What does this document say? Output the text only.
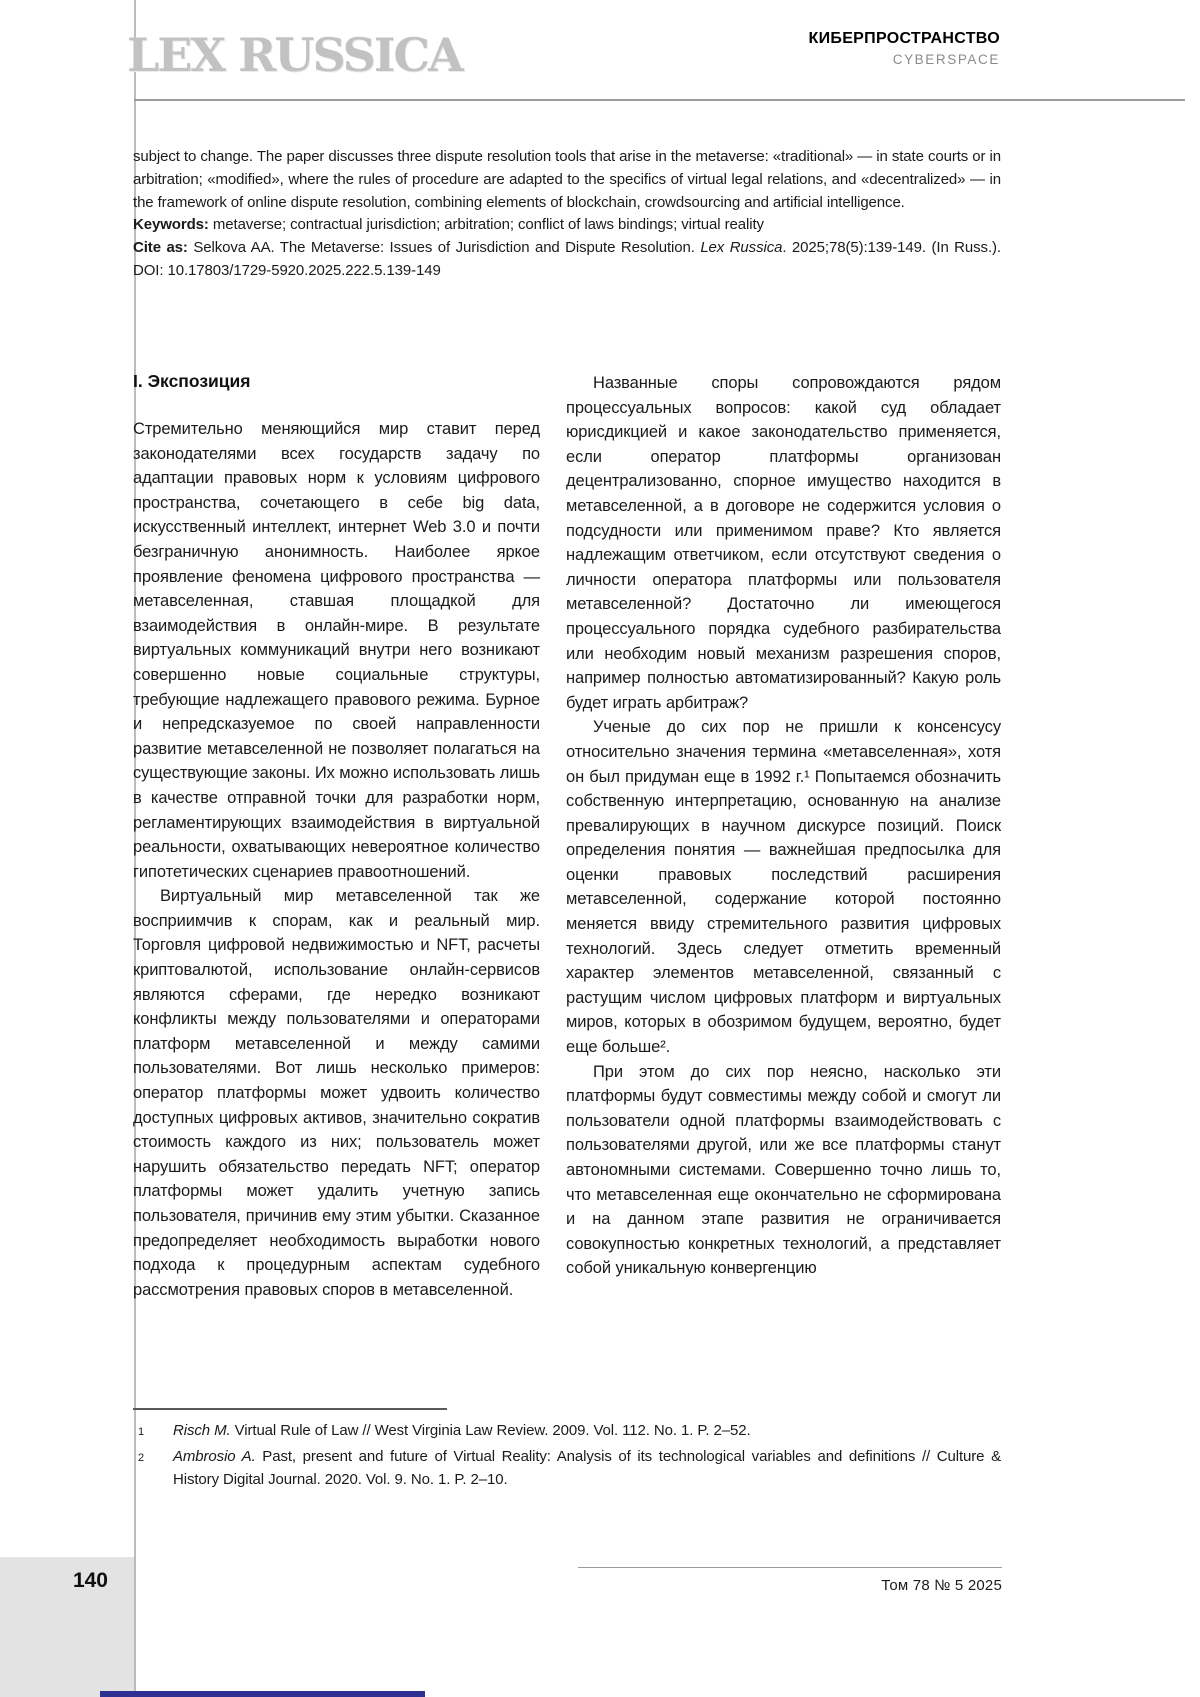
LEX RUSSICA	КИБЕРПРОСТРАНСТВО
CYBERSPACE

subject to change. The paper discusses three dispute resolution tools that arise in the metaverse: «traditional» — in state courts or in arbitration; «modified», where the rules of procedure are adapted to the specifics of virtual legal relations, and «decentralized» — in the framework of online dispute resolution, combining elements of blockchain, crowdsourcing and artificial intelligence.

Keywords: metaverse; contractual jurisdiction; arbitration; conflict of laws bindings; virtual reality

Cite as: Selkova AA. The Metaverse: Issues of Jurisdiction and Dispute Resolution. Lex Russica. 2025;78(5):139-149. (In Russ.). DOI: 10.17803/1729-5920.2025.222.5.139-149

I. Экспозиция

Стремительно меняющийся мир ставит перед законодателями всех государств задачу по адаптации правовых норм к условиям цифрового пространства, сочетающего в себе big data, искусственный интеллект, интернет Web 3.0 и почти безграничную анонимность. Наиболее яркое проявление феномена цифрового пространства — метавселенная, ставшая площадкой для взаимодействия в онлайн-мире. В результате виртуальных коммуникаций внутри него возникают совершенно новые социальные структуры, требующие надлежащего правового режима. Бурное и непредсказуемое по своей направленности развитие метавселенной не позволяет полагаться на существующие законы. Их можно использовать лишь в качестве отправной точки для разработки норм, регламентирующих взаимодействия в виртуальной реальности, охватывающих невероятное количество гипотетических сценариев правоотношений.

Виртуальный мир метавселенной так же восприимчив к спорам, как и реальный мир. Торговля цифровой недвижимостью и NFT, расчеты криптовалютой, использование онлайн-сервисов являются сферами, где нередко возникают конфликты между пользователями и операторами платформ метавселенной и между самими пользователями. Вот лишь несколько примеров: оператор платформы может удвоить количество доступных цифровых активов, значительно сократив стоимость каждого из них; пользователь может нарушить обязательство передать NFT; оператор платформы может удалить учетную запись пользователя, причинив ему этим убытки. Сказанное предопределяет необходимость выработки нового подхода к процедурным аспектам судебного рассмотрения правовых споров в метавселенной.

Названные споры сопровождаются рядом процессуальных вопросов: какой суд обладает юрисдикцией и какое законодательство применяется, если оператор платформы организован децентрализованно, спорное имущество находится в метавселенной, а в договоре не содержится условия о подсудности или применимом праве? Кто является надлежащим ответчиком, если отсутствуют сведения о личности оператора платформы или пользователя метавселенной? Достаточно ли имеющегося процессуального порядка судебного разбирательства или необходим новый механизм разрешения споров, например полностью автоматизированный? Какую роль будет играть арбитраж?

Ученые до сих пор не пришли к консенсусу относительно значения термина «метавселенная», хотя он был придуман еще в 1992 г.¹ Попытаемся обозначить собственную интерпретацию, основанную на анализе превалирующих в научном дискурсе позиций. Поиск определения понятия — важнейшая предпосылка для оценки правовых последствий расширения метавселенной, содержание которой постоянно меняется ввиду стремительного развития цифровых технологий. Здесь следует отметить временный характер элементов метавселенной, связанный с растущим числом цифровых платформ и виртуальных миров, которых в обозримом будущем, вероятно, будет еще больше².

При этом до сих пор неясно, насколько эти платформы будут совместимы между собой и смогут ли пользователи одной платформы взаимодействовать с пользователями другой, или же все платформы станут автономными системами. Совершенно точно лишь то, что метавселенная еще окончательно не сформирована и на данном этапе развития не ограничивается совокупностью конкретных технологий, а представляет собой уникальную конвергенцию

1	Risch M. Virtual Rule of Law // West Virginia Law Review. 2009. Vol. 112. No. 1. P. 2–52.
2	Ambrosio A. Past, present and future of Virtual Reality: Analysis of its technological variables and definitions // Culture & History Digital Journal. 2020. Vol. 9. No. 1. P. 2–10.
140	Том 78 № 5 2025
